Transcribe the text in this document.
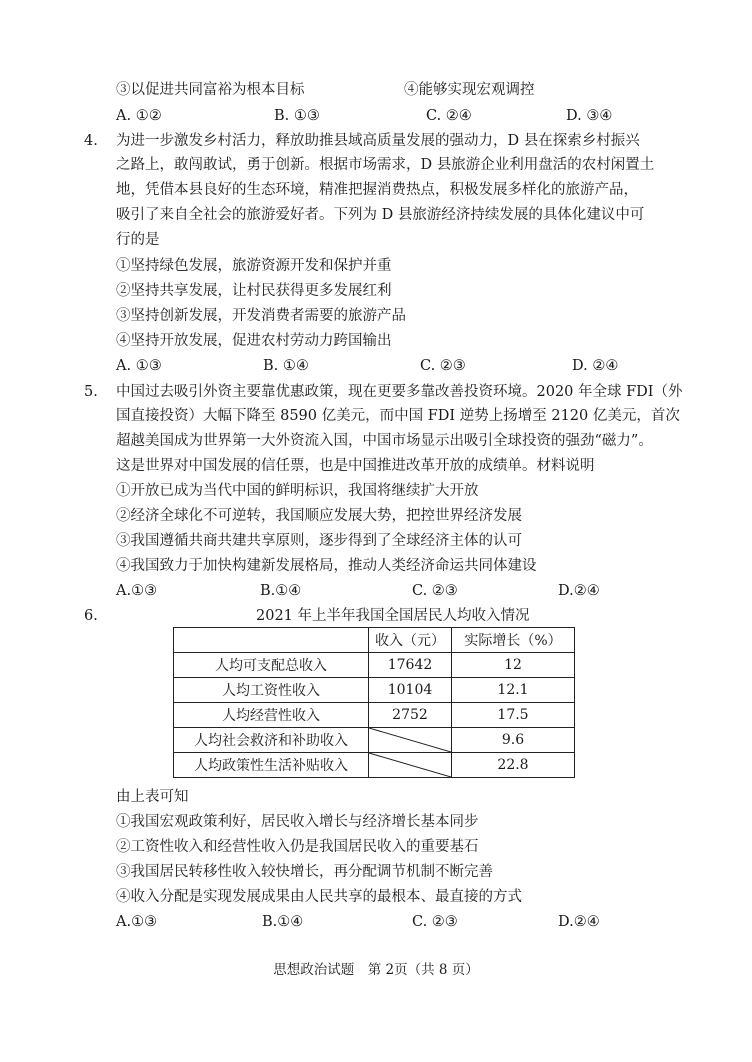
③以促进共同富裕为根本目标	④能够实现宏观调控
A. ①②	B. ①③	C. ②④	D. ③④
4. 为进一步激发乡村活力，释放助推县域高质量发展的强动力，D 县在探索乡村振兴
之路上，敢闯敢试，勇于创新。根据市场需求，D 县旅游企业利用盘活的农村闲置土
地，凭借本县良好的生态环境，精准把握消费热点，积极发展多样化的旅游产品，
吸引了来自全社会的旅游爱好者。下列为 D 县旅游经济持续发展的具体化建议中可
行的是
①坚持绿色发展，旅游资源开发和保护并重
②坚持共享发展，让村民获得更多发展红利
③坚持创新发展，开发消费者需要的旅游产品
④坚持开放发展，促进农村劳动力跨国输出
A. ①③	B. ①④	C. ②③	D. ②④
5. 中国过去吸引外资主要靠优惠政策，现在更要多靠改善投资环境。2020 年全球 FDI（外
国直接投资）大幅下降至 8590 亿美元，而中国 FDI 逆势上扬增至 2120 亿美元，首次
超越美国成为世界第一大外资流入国，中国市场显示出吸引全球投资的强劲“磁力”。
这是世界对中国发展的信任票，也是中国推进改革开放的成绩单。材料说明
①开放已成为当代中国的鲜明标识，我国将继续扩大开放
②经济全球化不可逆转，我国顺应发展大势，把控世界经济发展
③我国遵循共商共建共享原则，逐步得到了全球经济主体的认可
④我国致力于加快构建新发展格局，推动人类经济命运共同体建设
A.①③	B.①④	C. ②③	D.②④
6.	2021 年上半年我国全国居民人均收入情况
	收入（元）	实际增长（%）
人均可支配总收入	17642	12
人均工资性收入	10104	12.1
人均经营性收入	2752	17.5
人均社会救济和补助收入		9.6
人均政策性生活补贴收入		22.8
由上表可知
①我国宏观政策利好，居民收入增长与经济增长基本同步
②工资性收入和经营性收入仍是我国居民收入的重要基石
③我国居民转移性收入较快增长，再分配调节机制不断完善
④收入分配是实现发展成果由人民共享的最根本、最直接的方式
A.①③	B.①④	C. ②③	D.②④
思想政治试题　第 2页（共 8 页）
